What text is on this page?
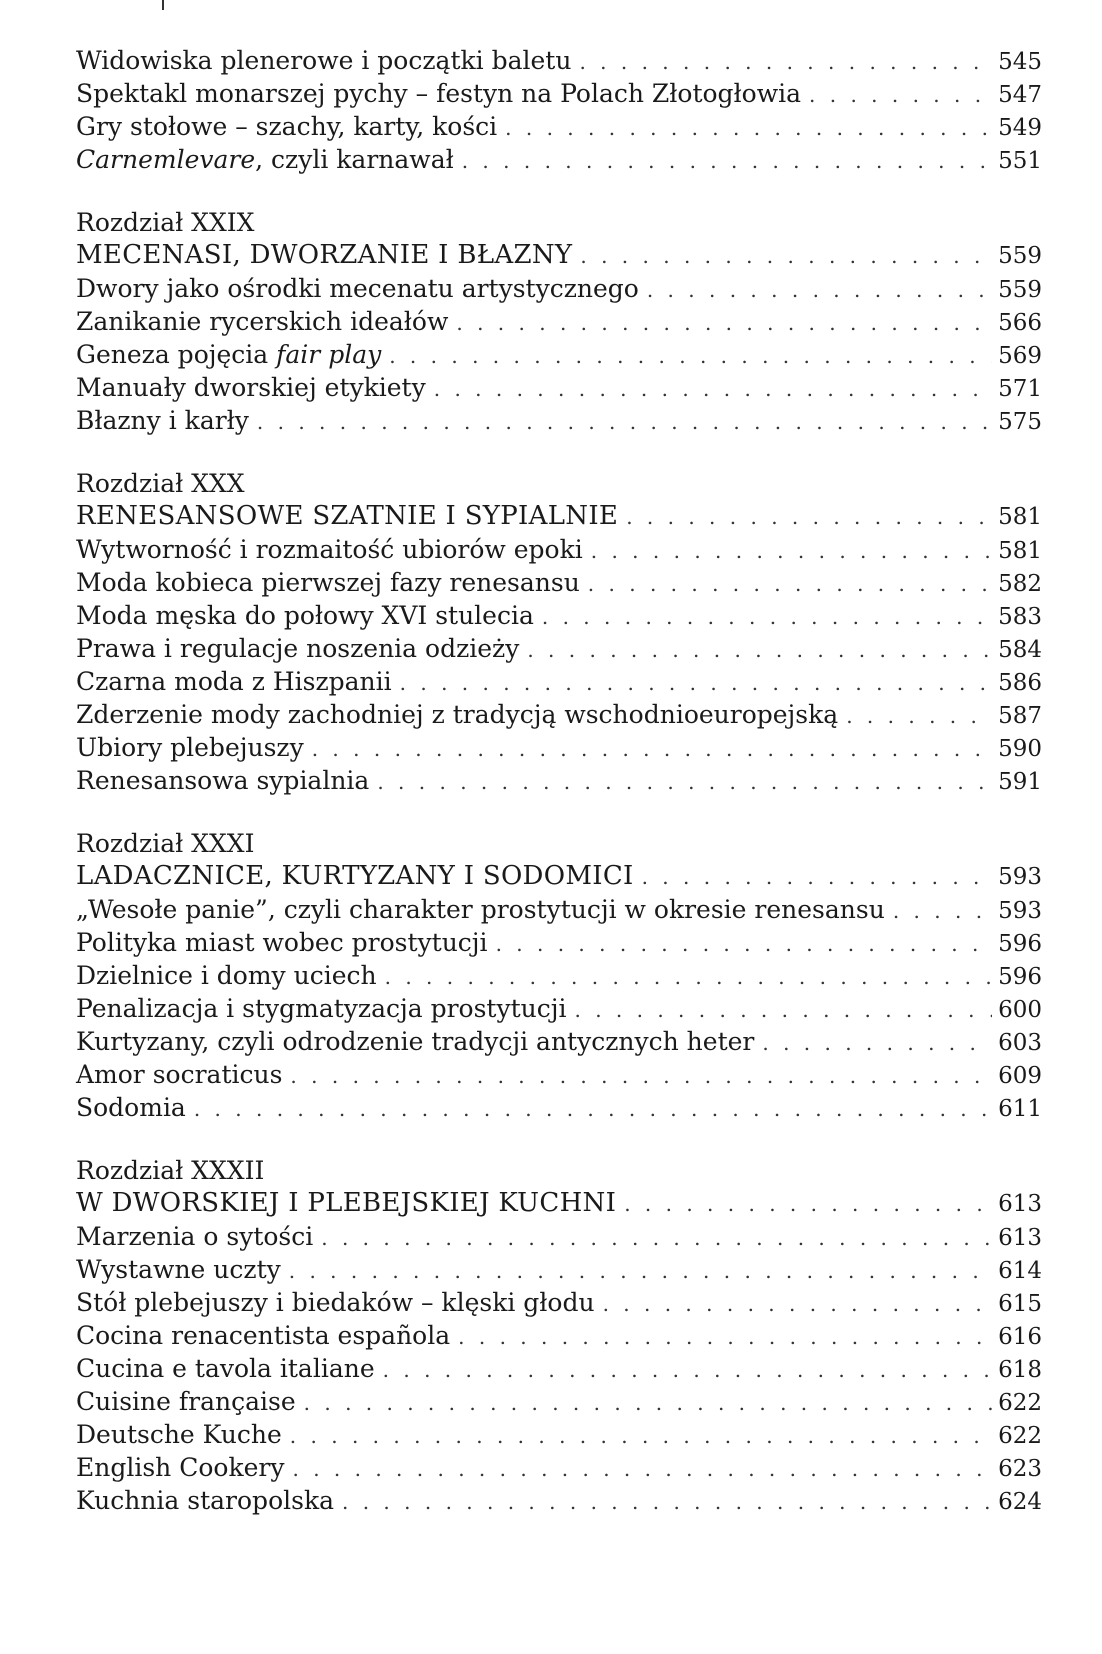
Widowiska plenerowe i początki baletu . . .	545
Spektakl monarszej pychy – festyn na Polach Złotogłowia . . .	547
Gry stołowe – szachy, karty, kości . . .	549
Carnemlevare, czyli karnawał . . .	551
Rozdział XXIX
MECENASI, DWORZANIE I BŁAZNY . . .	559
Dwory jako ośrodki mecenatu artystycznego . . .	559
Zanikanie rycerskich ideałów . . .	566
Geneza pojęcia fair play . . .	569
Manuały dworskiej etykiety . . .	571
Błazny i karły . . .	575
Rozdział XXX
RENESANSOWE SZATNIE I SYPIALNIE . . .	581
Wytworność i rozmaitość ubiorów epoki . . .	581
Moda kobieca pierwszej fazy renesansu . . .	582
Moda męska do połowy XVI stulecia . . .	583
Prawa i regulacje noszenia odzieży . . .	584
Czarna moda z Hiszpanii . . .	586
Zderzenie mody zachodniej z tradycją wschodnioeuropejską . . .	587
Ubiory plebejuszy . . .	590
Renesansowa sypialnia . . .	591
Rozdział XXXI
LADACZNICE, KURTYZANY I SODOMICI . . .	593
„Wesołe panie”, czyli charakter prostytucji w okresie renesansu . . .	593
Polityka miast wobec prostytucji . . .	596
Dzielnice i domy uciech . . .	596
Penalizacja i stygmatyzacja prostytucji . . .	600
Kurtyzany, czyli odrodzenie tradycji antycznych heter . . .	603
Amor socraticus . . .	609
Sodomia . . .	611
Rozdział XXXII
W DWORSKIEJ I PLEBEJSKIEJ KUCHNI . . .	613
Marzenia o sytości . . .	613
Wystawne uczty . . .	614
Stół plebejuszy i biedaków – klęski głodu . . .	615
Cocina renacentista española . . .	616
Cucina e tavola italiane . . .	618
Cuisine française . . .	622
Deutsche Kuche . . .	622
English Cookery . . .	623
Kuchnia staropolska . . .	624
